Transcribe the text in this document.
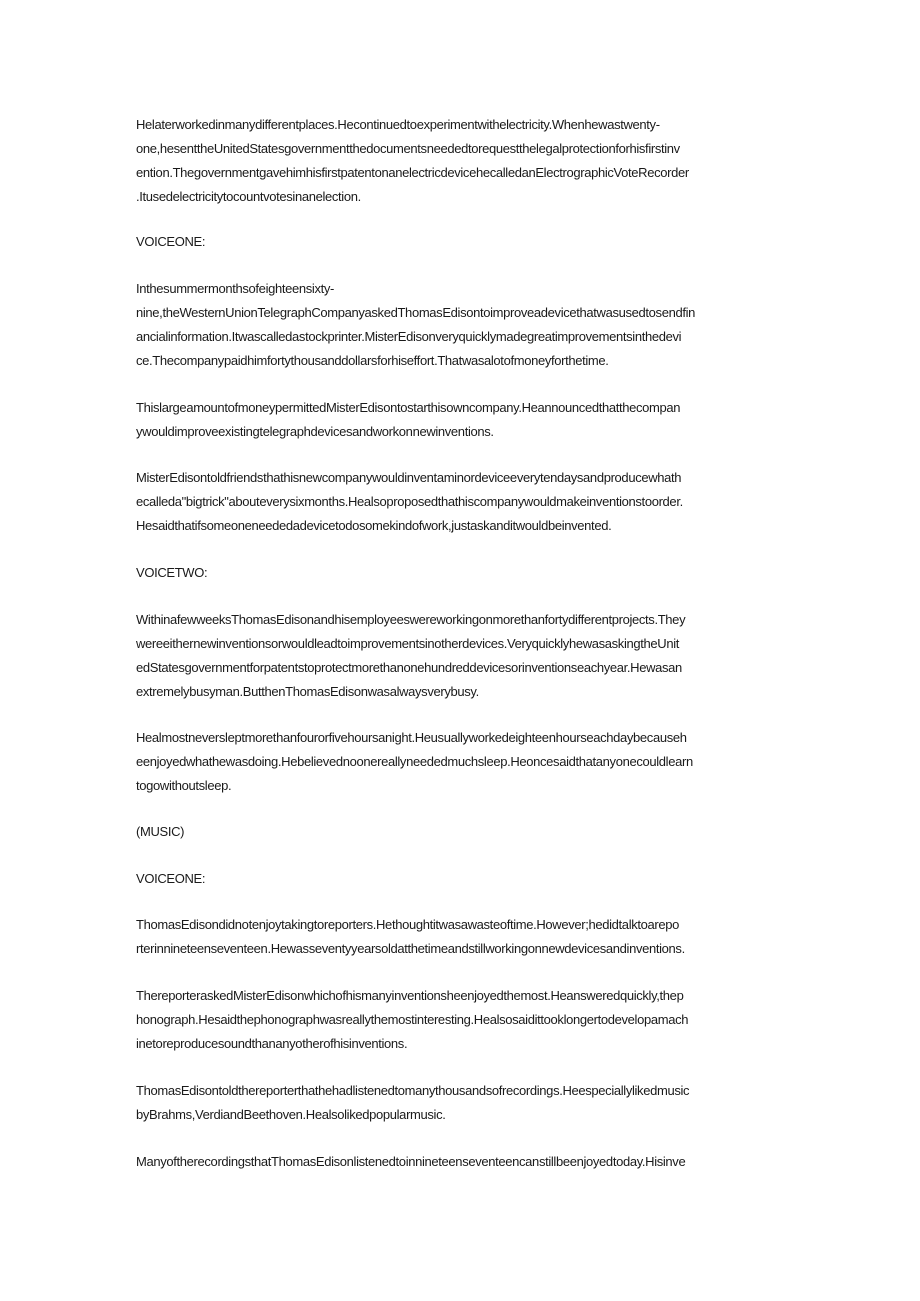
Helaterworkedinmanydifferentplaces.Hecontinuedtoexperimentwithelectricity.Whenhewastwenty-
one,hesenttheUnitedStatesgovernmentthedocumentsneededtorequestthelegalprotectionforhisfirstinv
ention.ThegovernmentgavehimhisfirstpatentonanelectricdevicehecalledanElectrographicVoteRecorder
.Itusedelectricitytocountvotesinanelection.
VOICEONE:
Inthesummermonthsofeighteensixty-
nine,theWesternUnionTelegraphCompanyaskedThomasEdisontoimproveadevicethatwasusedtosendfin
ancialinformation.Itwascalledastockprinter.MisterEdisonveryquicklymadegreatimprovementsinthedevi
ce.Thecompanypaidhimfortythousanddollarsforhiseffort.Thatwasalotofmoneyforthetime.
ThislargeamountofmoneypermittedMisterEdisontostarthisowncompany.Heannouncedthatthecompan
ywouldimproveexistingtelegraphdevicesandworkonnewinventions.
MisterEdisontoldfriendsthathisnewcompanywouldinventaminordeviceeverytendaysandproducewhath
ecalleda"bigtrick"abouteverysixmonths.Healsoproposedthathiscompanywouldmakeinventionstoorder.
Hesaidthatifsomeoneneededadevicetodosomekindofwork,justaskanditwouldbeinvented.
VOICETWO:
WithinafewweeksThomasEdisonandhisemployeeswereworkingonmorethanfortydifferentprojects.They
wereeithernewinventionsorwouldleadtoimprovementsinotherdevices.VeryquicklyhewasaskingtheUnit
edStatesgovernmentforpatentstoprotectmorethanonehundreddevicesorinventionseachyear.Hewasan
extremelybusyman.ButthenThomasEdisonwasalwaysverybusy.
Healmostneversleptmorethanfourorfivehoursanight.Heusuallyworkedeighteenhourseachdaybecauseh
eenjoyedwhathewasdoing.Hebelievednoonereallyneededmuchsleep.Heoncesaidthatanyonecouldlearn
togowithoutsleep.
(MUSIC)
VOICEONE:
ThomasEdisondidnotenjoytakingtoreporters.Hethoughtitwasawasteoftime.However;hedidtalktoarepo
rterinnineteenseventeen.Hewasseventyyearsoldatthetimeandstillworkingonnewdevicesandinventions.
ThereporteraskedMisterEdisonwhichofhismanyinventionsheenjoyedthemost.Heansweredquickly,thep
honograph.Hesaidthephonographwasreallythemostinteresting.Healsosaidittooklongertodevelopamach
inetoreproducesoundthananyotherofhisinventions.
ThomasEdisontoldthereporterthathehadlistenedtomanythousandsofrecordings.Heespeciallylikedmusic
byBrahms,VerdiandBeethoven.Healsolikedpopularmusic.
ManyoftherecordingsthatThomasEdisonlistenedtoinnineteenseventeencanstillbeenjoyedtoday.Hisinve
